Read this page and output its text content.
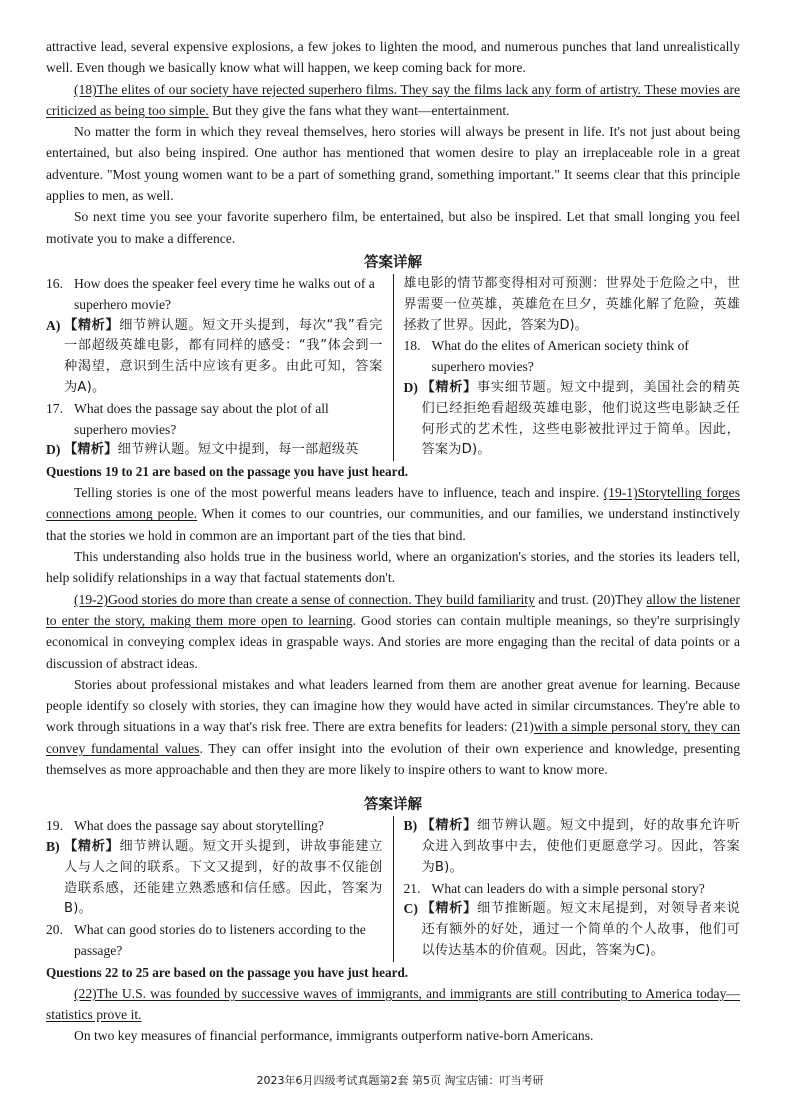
attractive lead, several expensive explosions, a few jokes to lighten the mood, and numerous punches that land unrealistically well. Even though we basically know what will happen, we keep coming back for more.

(18)The elites of our society have rejected superhero films. They say the films lack any form of artistry. These movies are criticized as being too simple. But they give the fans what they want—entertainment.

No matter the form in which they reveal themselves, hero stories will always be present in life. It's not just about being entertained, but also being inspired. One author has mentioned that women desire to play an irreplaceable role in a great adventure. "Most young women want to be a part of something grand, something important." It seems clear that this principle applies to men, as well.

So next time you see your favorite superhero film, be entertained, but also be inspired. Let that small longing you feel motivate you to make a difference.

答案详解
16. How does the speaker feel every time he walks out of a superhero movie?
A) 【精析】细节辨认题。短文开头提到，每次“我”看完一部超级英雄电影，都有同样的感受：“我”体会到一种渴望，意识到生活中应该有更多。由此可知，答案为A)。
17. What does the passage say about the plot of all superhero movies?
D) 【精析】细节辨认题。短文中提到，每一部超级英
雄电影的情节都变得相对可预测：世界处于危险之中，世界需要一位英雄，英雄危在旦夕，英雄化解了危险，英雄拯救了世界。因此，答案为D)。
18. What do the elites of American society think of superhero movies?
D) 【精析】事实细节题。短文中提到，美国社会的精英们已经拒绝看超级英雄电影，他们说这些电影缺乏任何形式的艺术性，这些电影被批评过于简单。因此，答案为D)。
Questions 19 to 21 are based on the passage you have just heard.

Telling stories is one of the most powerful means leaders have to influence, teach and inspire. (19-1)Storytelling forges connections among people. When it comes to our countries, our communities, and our families, we understand instinctively that the stories we hold in common are an important part of the ties that bind.

This understanding also holds true in the business world, where an organization's stories, and the stories its leaders tell, help solidify relationships in a way that factual statements don't.

(19-2)Good stories do more than create a sense of connection. They build familiarity and trust. (20)They allow the listener to enter the story, making them more open to learning. Good stories can contain multiple meanings, so they're surprisingly economical in conveying complex ideas in graspable ways. And stories are more engaging than the recital of data points or a discussion of abstract ideas.

Stories about professional mistakes and what leaders learned from them are another great avenue for learning. Because people identify so closely with stories, they can imagine how they would have acted in similar circumstances. They're able to work through situations in a way that's risk free. There are extra benefits for leaders: (21)with a simple personal story, they can convey fundamental values. They can offer insight into the evolution of their own experience and knowledge, presenting themselves as more approachable and then they are more likely to inspire others to want to know more.

答案详解
19. What does the passage say about storytelling?
B) 【精析】细节辨认题。短文开头提到，讲故事能建立人与人之间的联系。下文又提到，好的故事不仅能创造联系感，还能建立熟悉感和信任感。因此，答案为B)。
20. What can good stories do to listeners according to the passage?
B) 【精析】细节辨认题。短文中提到，好的故事允许听众进入到故事中去，使他们更愿意学习。因此，答案为B)。
21. What can leaders do with a simple personal story?
C) 【精析】细节推断题。短文末尾提到，对领导者来说还有额外的好处，通过一个简单的个人故事，他们可以传达基本的价值观。因此，答案为C)。
Questions 22 to 25 are based on the passage you have just heard.

(22)The U.S. was founded by successive waves of immigrants, and immigrants are still contributing to America today—statistics prove it.

On two key measures of financial performance, immigrants outperform native-born Americans.

2023年6月四级考试真题第2套 第5页 淘宝店铺：叮当考研
